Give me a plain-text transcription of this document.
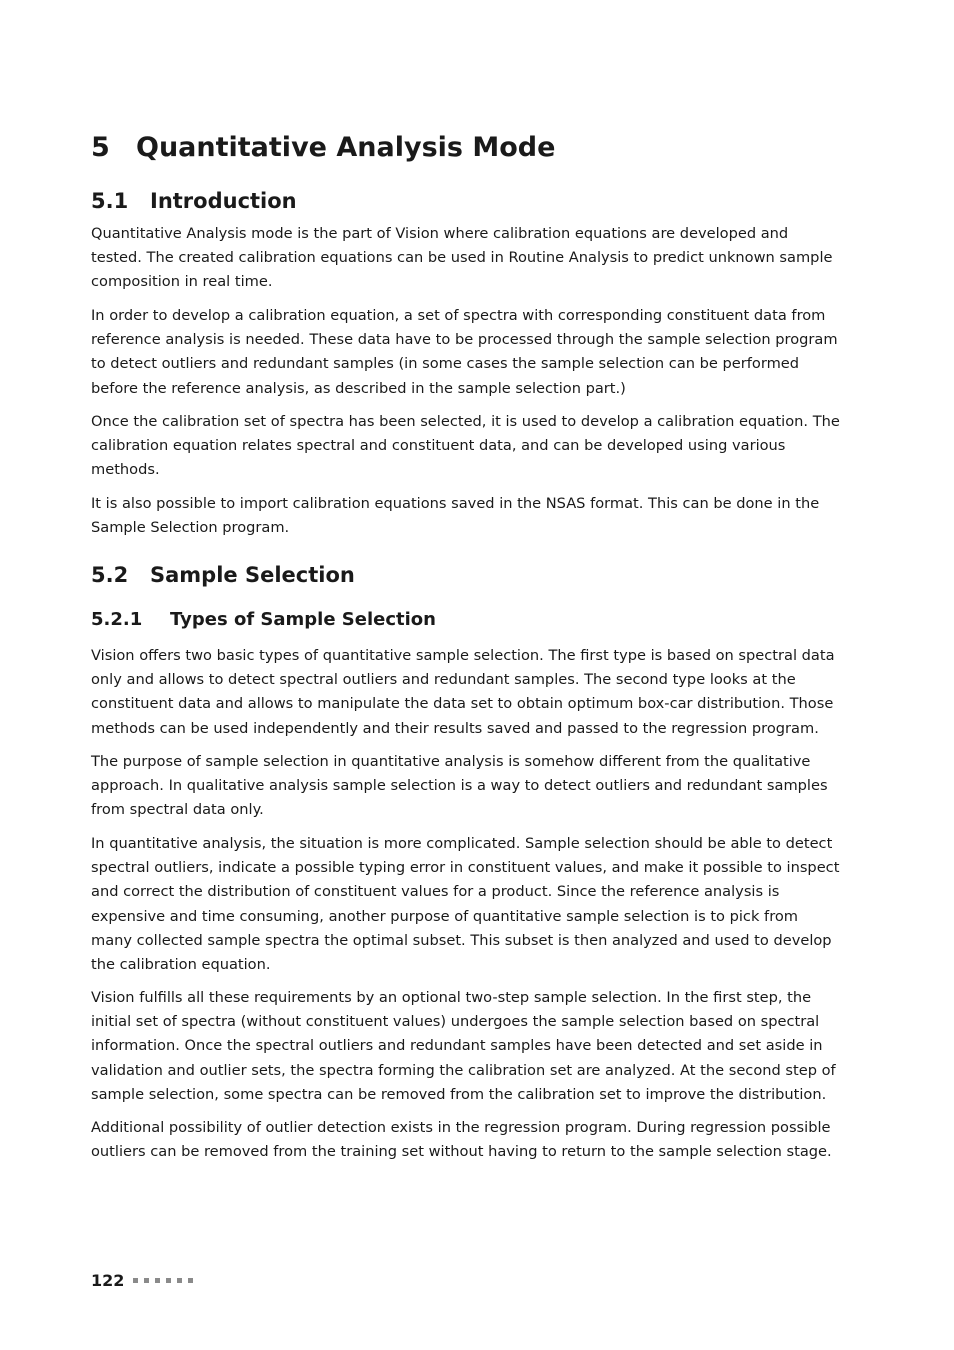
5 Quantitative Analysis Mode
5.1 Introduction

Quantitative Analysis mode is the part of Vision where calibration equations are developed and tested. The created calibration equations can be used in Routine Analysis to predict unknown sample composition in real time.

In order to develop a calibration equation, a set of spectra with corresponding constituent data from reference analysis is needed. These data have to be processed through the sample selection program to detect outliers and redundant samples (in some cases the sample selection can be performed before the reference analysis, as described in the sample selection part.)

Once the calibration set of spectra has been selected, it is used to develop a calibration equation. The calibration equation relates spectral and constituent data, and can be developed using various methods.

It is also possible to import calibration equations saved in the NSAS format. This can be done in the Sample Selection program.

5.2 Sample Selection
5.2.1 Types of Sample Selection

Vision offers two basic types of quantitative sample selection. The first type is based on spectral data only and allows to detect spectral outliers and redundant samples. The second type looks at the constituent data and allows to manipulate the data set to obtain optimum box-car distribution. Those methods can be used independently and their results saved and passed to the regression program.

The purpose of sample selection in quantitative analysis is somehow different from the qualitative approach. In qualitative analysis sample selection is a way to detect outliers and redundant samples from spectral data only.

In quantitative analysis, the situation is more complicated. Sample selection should be able to detect spectral outliers, indicate a possible typing error in constituent values, and make it possible to inspect and correct the distribution of constituent values for a product. Since the reference analysis is expensive and time consuming, another purpose of quantitative sample selection is to pick from many collected sample spectra the optimal subset. This subset is then analyzed and used to develop the calibration equation.

Vision fulfills all these requirements by an optional two-step sample selection. In the first step, the initial set of spectra (without constituent values) undergoes the sample selection based on spectral information. Once the spectral outliers and redundant samples have been detected and set aside in validation and outlier sets, the spectra forming the calibration set are analyzed. At the second step of sample selection, some spectra can be removed from the calibration set to improve the distribution.

Additional possibility of outlier detection exists in the regression program. During regression possible outliers can be removed from the training set without having to return to the sample selection stage.

122
